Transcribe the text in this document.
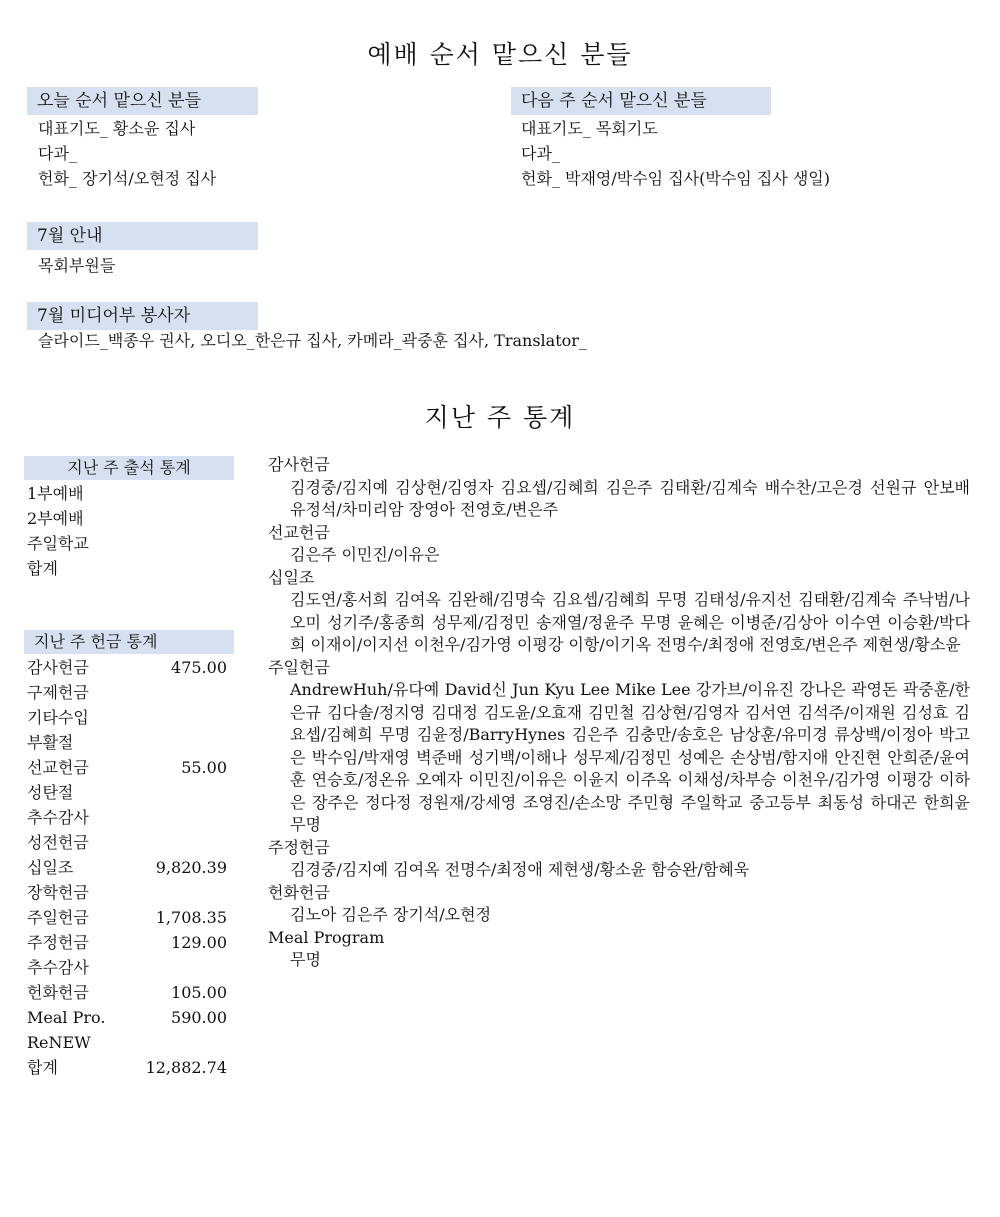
예배 순서 맡으신 분들
오늘 순서 맡으신 분들
대표기도_ 황소윤 집사
다과_
헌화_ 장기석/오현정 집사
다음 주 순서 맡으신 분들
대표기도_ 목회기도
다과_
헌화_ 박재영/박수임 집사(박수임 집사 생일)
7월 안내
목회부원들
7월 미디어부 봉사자
슬라이드_백종우 권사, 오디오_한은규 집사, 카메라_곽중훈 집사, Translator_
지난 주 통계
지난 주 출석 통계
1부예배
2부예배
주일학교
합계
지난 주 헌금 통계
감사헌금	475.00
구제헌금
기타수입
부활절
선교헌금	55.00
성탄절
추수감사
성전헌금
십일조	9,820.39
장학헌금
주일헌금	1,708.35
주정헌금	129.00
추수감사
헌화헌금	105.00
Meal Pro.	590.00
ReNEW
합계	12,882.74
감사헌금
김경중/김지예 김상현/김영자 김요셉/김혜희 김은주 김태환/김계숙 배수찬/고은경 선원규 안보배 유정석/차미리암 장영아 전영호/변은주
선교헌금
김은주 이민진/이유은
십일조
김도연/홍서희 김여옥 김완해/김명숙 김요셉/김혜희 무명 김태성/유지선 김태환/김계숙 주낙범/나오미 성기주/홍종희 성무제/김정민 송재열/정윤주 무명 윤혜은 이병준/김상아 이수연 이승환/박다희 이재이/이지선 이천우/김가영 이평강 이항/이기옥 전명수/최정애 전영호/변은주 제현생/황소윤
주일헌금
AndrewHuh/유다예 David신 Jun Kyu Lee Mike Lee 강가브/이유진 강나은 곽영돈 곽중훈/한은규 김다솔/정지영 김대정 김도윤/오효재 김민철 김상현/김영자 김서연 김석주/이재원 김성효 김요셉/김혜희 무명 김윤정/BarryHynes 김은주 김충만/송호은 남상훈/유미경 류상백/이정아 박고은 박수임/박재영 벽준배 성기백/이해나 성무제/김정민 성예은 손상범/함지애 안진현 안희준/윤여훈 연승호/정온유 오예자 이민진/이유은 이윤지 이주옥 이채성/차부승 이천우/김가영 이평강 이하은 장주은 정다정 정원재/강세영 조영진/손소망 주민형 주일학교 중고등부 최동성 하대곤 한희윤 무명
주정헌금
김경중/김지예 김여옥 전명수/최정애 제현생/황소윤 함승완/함혜욱
헌화헌금
김노아 김은주 장기석/오현정
Meal Program
무명
